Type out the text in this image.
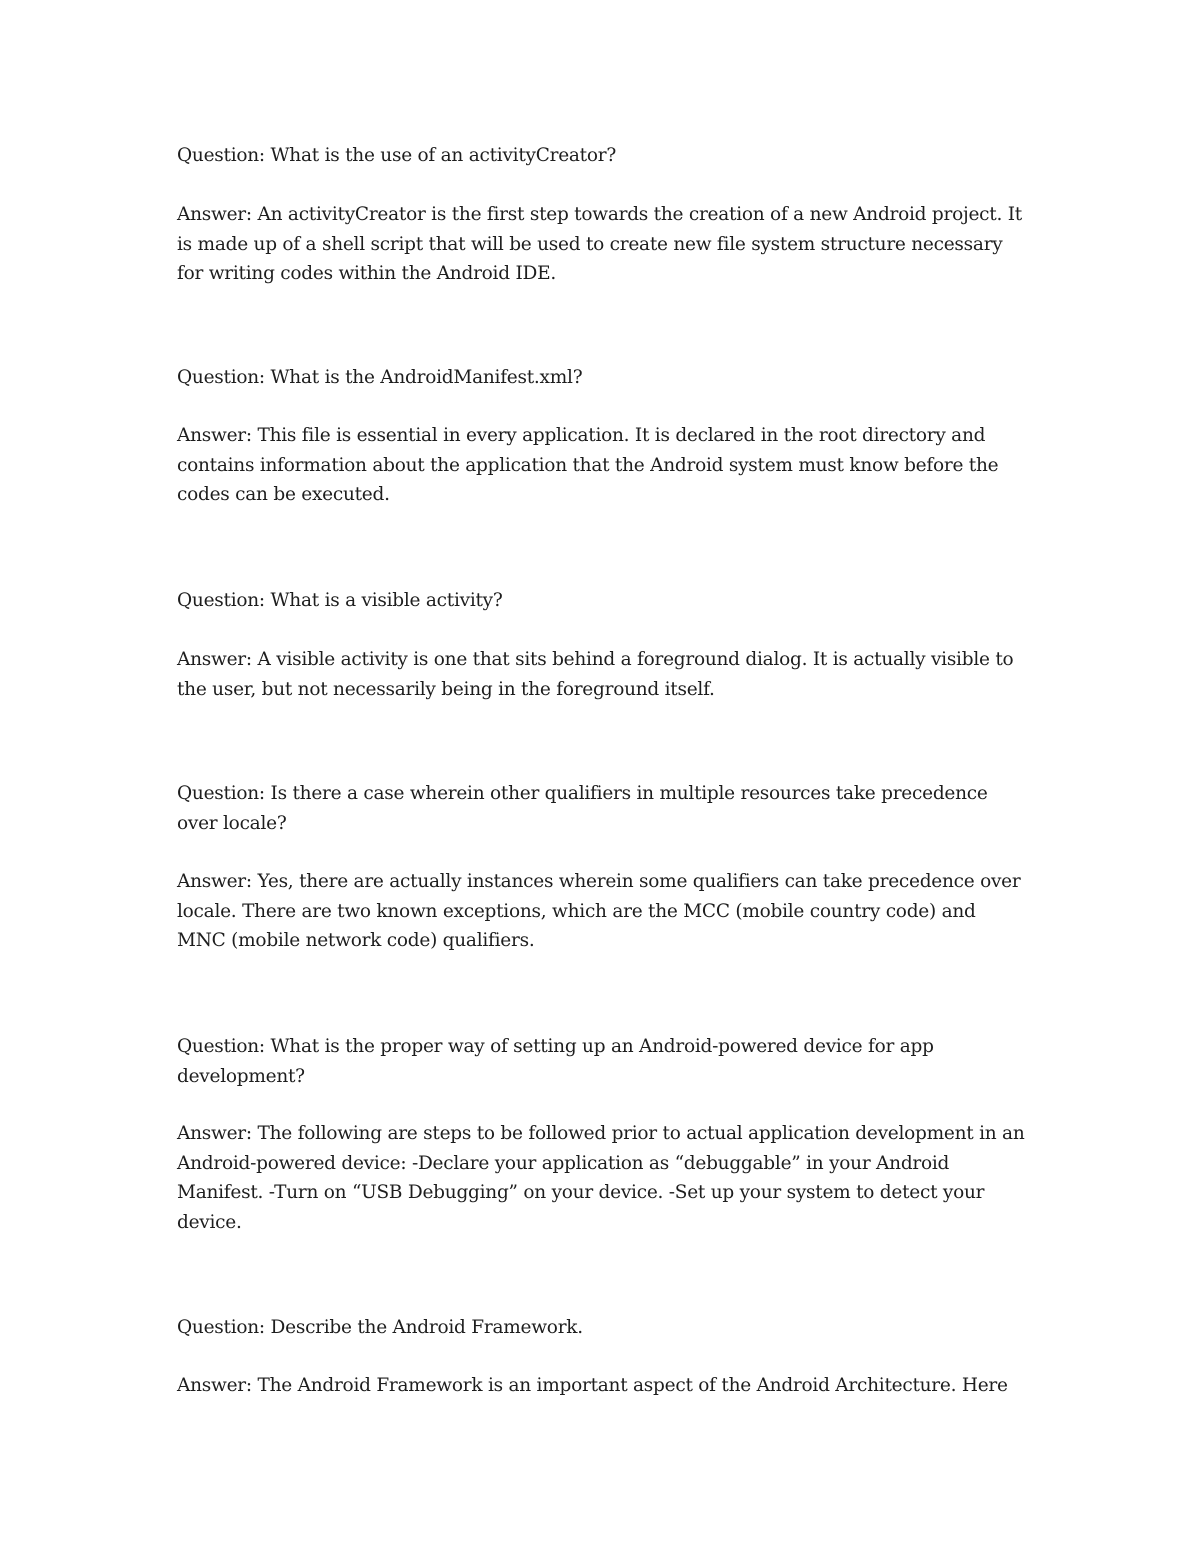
Question: What is the use of an activityCreator?

Answer: An activityCreator is the first step towards the creation of a new Android project. It is made up of a shell script that will be used to create new file system structure necessary for writing codes within the Android IDE.

Question: What is the AndroidManifest.xml?

Answer: This file is essential in every application. It is declared in the root directory and contains information about the application that the Android system must know before the codes can be executed.

Question: What is a visible activity?

Answer: A visible activity is one that sits behind a foreground dialog. It is actually visible to the user, but not necessarily being in the foreground itself.

Question: Is there a case wherein other qualifiers in multiple resources take precedence over locale?

Answer: Yes, there are actually instances wherein some qualifiers can take precedence over locale. There are two known exceptions, which are the MCC (mobile country code) and MNC (mobile network code) qualifiers.

Question: What is the proper way of setting up an Android-powered device for app development?

Answer: The following are steps to be followed prior to actual application development in an Android-powered device: -Declare your application as “debuggable” in your Android Manifest. -Turn on “USB Debugging” on your device. -Set up your system to detect your device.

Question: Describe the Android Framework.

Answer: The Android Framework is an important aspect of the Android Architecture. Here
